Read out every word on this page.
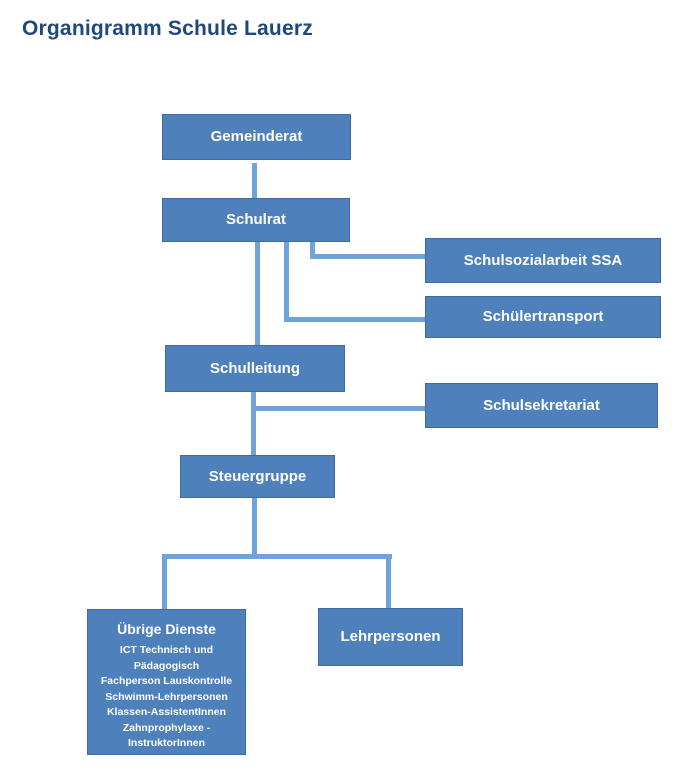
Organigramm Schule Lauerz
Gemeinderat
Schulrat
Schulsozialarbeit SSA
Schülertransport
Schulleitung
Schulsekretariat
Steuergruppe
Übrige Dienste
ICT Technisch und Pädagogisch
Fachperson Lauskontrolle
Schwimm-Lehrpersonen
Klassen-AssistentInnen
Zahnprophylaxe - InstruktorInnen
Lehrpersonen
